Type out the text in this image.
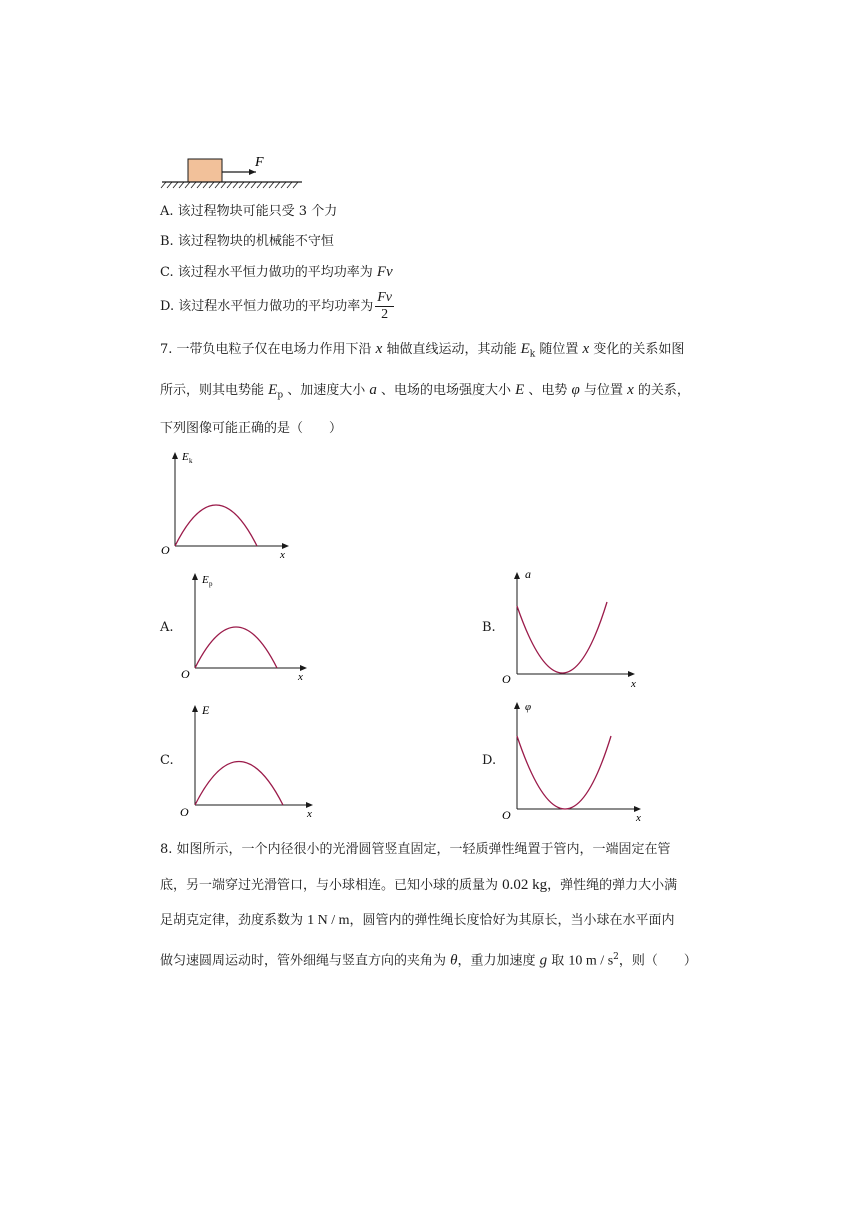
F
A. 该过程物块可能只受 3 个力
B. 该过程物块的机械能不守恒
C. 该过程水平恒力做功的平均功率为 Fv
D. 该过程水平恒力做功的平均功率为 $\frac{Fv}{2}$
7. 一带负电粒子仅在电场力作用下沿 x 轴做直线运动，其动能 $E_k$ 随位置 x 变化的关系如图
所示，则其电势能 $E_p$ 、加速度大小 a 、电场的电场强度大小 E 、电势 φ 与位置 x 的关系，
下列图像可能正确的是（　　）
E k
O	x
A.
E p
O	x
B.
a
O	x
C.
E
O	x
D.
φ
O	x
8. 如图所示，一个内径很小的光滑圆管竖直固定，一轻质弹性绳置于管内，一端固定在管
底，另一端穿过光滑管口，与小球相连。已知小球的质量为 0.02 kg，弹性绳的弹力大小满
足胡克定律，劲度系数为 1 N / m，圆管内的弹性绳长度恰好为其原长，当小球在水平面内
做匀速圆周运动时，管外细绳与竖直方向的夹角为 θ，重力加速度 g 取 10 m / $s^2$，则（　　）
